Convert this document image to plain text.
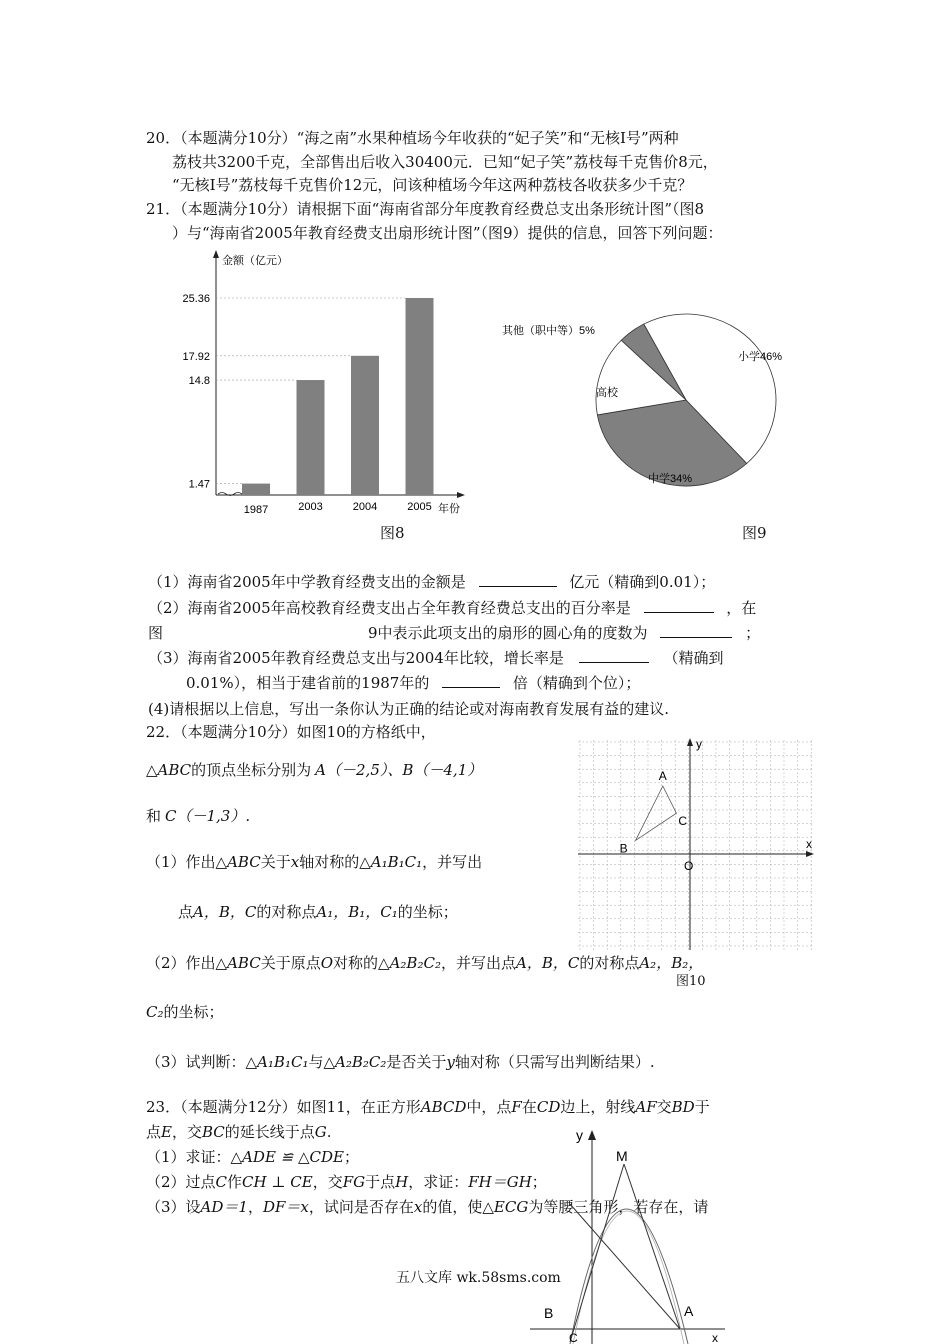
20．（本题满分10分）“海之南”水果种植场今年收获的“妃子笑”和“无核Ⅰ号”两种
荔枝共3200千克，全部售出后收入30400元．已知“妃子笑”荔枝每千克售价8元，
“无核Ⅰ号”荔枝每千克售价12元，问该种植场今年这两种荔枝各收获多少千克？
21．（本题满分10分）请根据下面“海南省部分年度教育经费总支出条形统计图”（图8
）与“海南省2005年教育经费支出扇形统计图”（图9）提供的信息，回答下列问题：
金额（亿元）
年份
1.47
1987
14.8
2003
17.92
2004
25.36
2005
图8
小学46%
中学34%
高校
其他（职中等）5%
图9
（1）海南省2005年中学教育经费支出的金额是	亿元（精确到0.01）；
（2）海南省2005年高校教育经费支出占全年教育经费总支出的百分率是	，在
图	9中表示此项支出的扇形的圆心角的度数为	；
（3）海南省2005年教育经费总支出与2004年比较，增长率是	（精确到
0.01%），相当于建省前的1987年的	倍（精确到个位）；
(4)请根据以上信息，写出一条你认为正确的结论或对海南教育发展有益的建议.
22．（本题满分10分）如图10的方格纸中，
△ABC的顶点坐标分别为 A（－2,5）、B（－4,1）
和 C（－1,3）.
（1）作出△ABC关于x轴对称的△A₁B₁C₁，并写出
点A，B，C的对称点A₁，B₁，C₁的坐标；
（2）作出△ABC关于原点O对称的△A₂B₂C₂，并写出点A，B，C的对称点A₂，B₂，
C₂的坐标；
（3）试判断：△A₁B₁C₁与△A₂B₂C₂是否关于y轴对称（只需写出判断结果）.
A
B
C
O
x
y
图10
23．（本题满分12分）如图11，在正方形ABCD中，点F在CD边上，射线AF交BD于
点E，交BC的延长线于点G.
（1）求证：△ADE ≌ △CDE；
（2）过点C作CH ⊥ CE，交FG于点H，求证：FH＝GH；
（3）设AD＝1，DF＝x，试问是否存在x的值，使△ECG为等腰三角形，若存在，请
y
M
B	A
C	x
五八文库 wk.58sms.com
